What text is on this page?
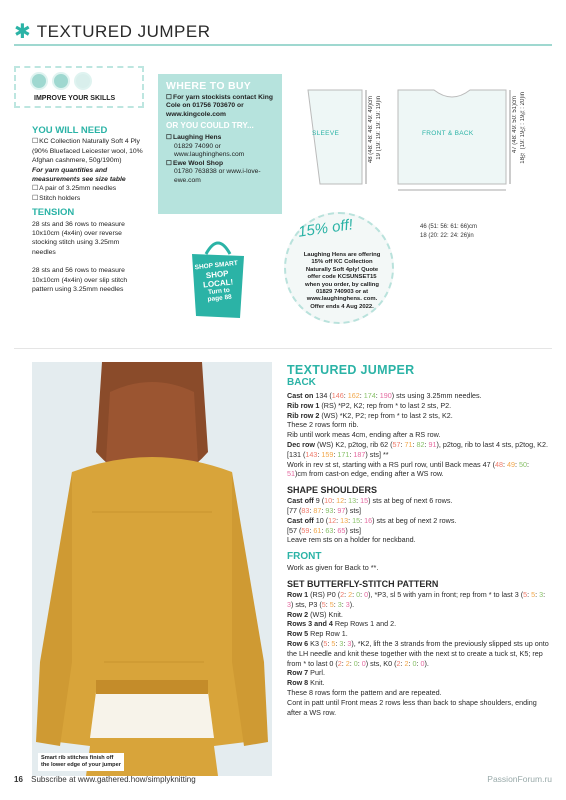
✱ TEXTURED JUMPER
IMPROVE YOUR SKILLS
YOU WILL NEED
☐ KC Collection Naturally Soft 4 Ply (90% Bluefaced Leicester wool, 10% Afghan cashmere, 50g/190m)
For yarn quantities and measurements see size table
☐ A pair of 3.25mm needles
☐ Stitch holders
TENSION
28 sts and 36 rows to measure 10x10cm (4x4in) over reverse stocking stitch using 3.25mm needles
28 sts and 56 rows to measure 10x10cm (4x4in) over slip stitch pattern using 3.25mm needles
WHERE TO BUY
☐ For yarn stockists contact King Cole on 01756 703670 or www.kingcole.com
OR YOU COULD TRY...
☐ Laughing Hens
01829 74090 or www.laughinghens.com
☐ Ewe Wool Shop
01780 763838 or www.i-love-ewe.com
SHOP SMART
SHOP
LOCAL!
Turn to
page 88
15% off!
Laughing Hens are offering 15% off KC Collection Naturally Soft 4ply! Quote offer code KCSUNSET15 when you order, by calling 01829 740903 or at www.laughinghens. com. Offer ends 4 Aug 2022.
SLEEVE	FRONT & BACK
48 (48: 48: 48: 49: 49)cm 19 (19: 19: 19: 19: 19)in	47 (48: 49: 50: 51)cm 18½ (19: 19¼: 19¾: 20)in
46 (51: 56: 61: 66)cm
18 (20: 22: 24: 26)in
Smart rib stitches finish off the lower edge of your jumper
TEXTURED JUMPER
BACK
Cast on 134 (146: 162: 174: 190) sts using 3.25mm needles.
Rib row 1 (RS) *P2, K2; rep from * to last 2 sts, P2.
Rib row 2 (WS) *K2, P2; rep from * to last 2 sts, K2.
These 2 rows form rib.
Rib until work meas 4cm, ending after a RS row.
Dec row (WS) K2, p2tog, rib 62 (57: 71: 82: 91), p2tog, rib to last 4 sts, p2tog, K2. [131 (143: 159: 171: 187) sts] **
Work in rev st st, starting with a RS purl row, until Back meas 47 (48: 49: 50: 51)cm from cast-on edge, ending after a WS row.
SHAPE SHOULDERS
Cast off 9 (10: 12: 13: 15) sts at beg of next 6 rows.
[77 (83: 87: 93: 97) sts]
Cast off 10 (12: 13: 15: 16) sts at beg of next 2 rows.
[57 (59: 61: 63: 65) sts]
Leave rem sts on a holder for neckband.
FRONT
Work as given for Back to **.
SET BUTTERFLY-STITCH PATTERN
Row 1 (RS) P0 (2: 2: 0: 0), *P3, sl 5 with yarn in front; rep from * to last 3 (5: 5: 3: 3) sts, P3 (5: 5: 3: 3).
Row 2 (WS) Knit.
Rows 3 and 4 Rep Rows 1 and 2.
Row 5 Rep Row 1.
Row 6 K3 (5: 5: 3: 3), *K2, lift the 3 strands from the previously slipped sts up onto the LH needle and knit these together with the next st to create a tuck st, K5; rep from * to last 0 (2: 2: 0: 0) sts, K0 (2: 2: 0: 0).
Row 7 Purl.
Row 8 Knit.
These 8 rows form the pattern and are repeated.
Cont in patt until Front meas 2 rows less than back to shape shoulders, ending after a WS row.
16 Subscribe at www.gathered.how/simplyknitting	PassionForum.ru
